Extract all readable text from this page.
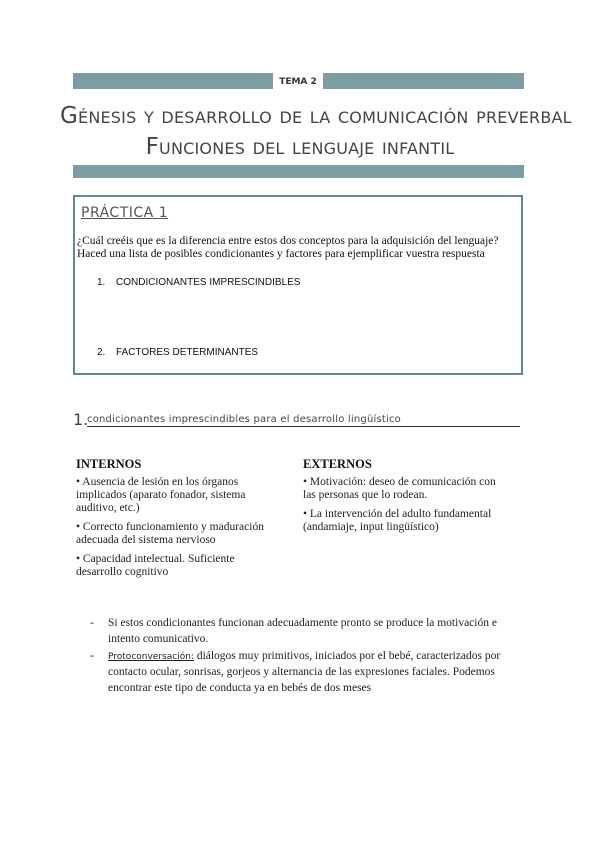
TEMA 2
Génesis y desarrollo de la comunicación preverbal
Funciones del lenguaje infantil
PRÁCTICA 1
¿Cuál creéis que es la diferencia entre estos dos conceptos para la adquisición del lenguaje?
Haced una lista de posibles condicionantes y factores para ejemplificar vuestra respuesta
1. CONDICIONANTES IMPRESCINDIBLES
2. FACTORES DETERMINANTES
1.
condicionantes imprescindibles para el desarrollo lingüístico
INTERNOS
• Ausencia de lesión en los órganos
implicados (aparato fonador, sistema
auditivo, etc.)
• Correcto funcionamiento y maduración
adecuada del sistema nervioso
• Capacidad intelectual. Suficiente
desarrollo cognitivo
EXTERNOS
• Motivación: deseo de comunicación con
las personas que lo rodean.
• La intervención del adulto fundamental
(andamiaje, input lingüístico)
- Si estos condicionantes funcionan adecuadamente pronto se produce la motivación e
intento comunicativo.
- Protoconversación: diálogos muy primitivos, iniciados por el bebé, caracterizados por
contacto ocular, sonrisas, gorjeos y alternancia de las expresiones faciales. Podemos
encontrar este tipo de conducta ya en bebés de dos meses
